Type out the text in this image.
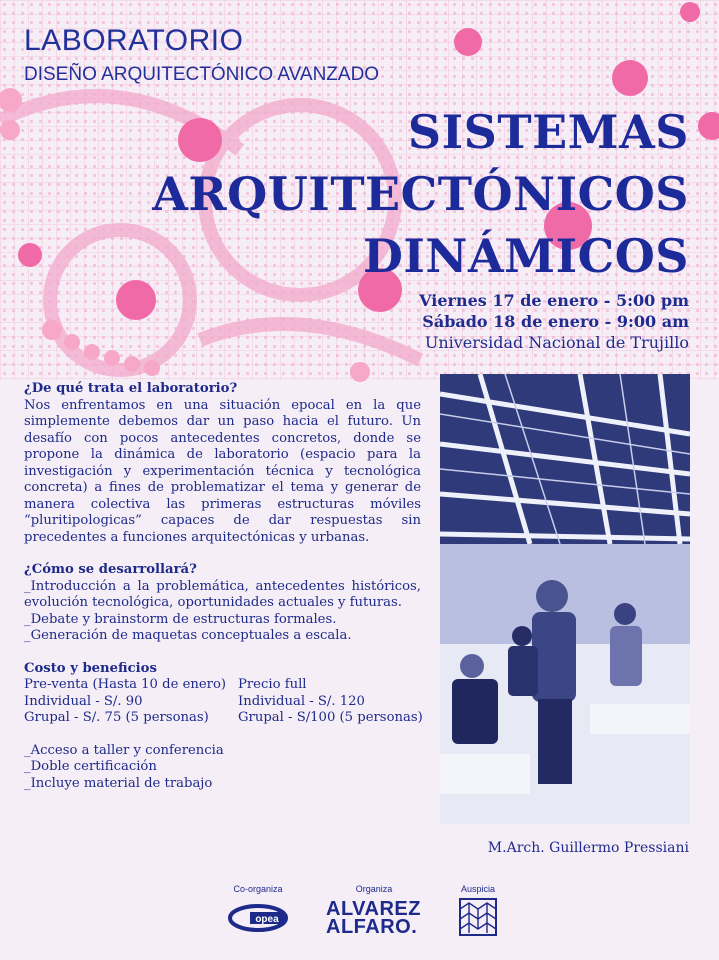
LABORATORIO
DISEÑO ARQUITECTÓNICO AVANZADO
SISTEMAS
ARQUITECTÓNICOS
DINÁMICOS
Viernes 17 de enero - 5:00 pm
Sábado 18 de enero - 9:00 am
Universidad Nacional de Trujillo
¿De qué trata el laboratorio?

Nos enfrentamos en una situación epocal en la que simplemente debemos dar un paso hacia el futuro. Un desafío con pocos antecedentes concretos, donde se propone la dinámica de laboratorio (espacio para la investigación y experimentación técnica y tecnológica concreta) a fines de problematizar el tema y generar de manera colectiva las primeras estructuras móviles “pluritipologicas” capaces de dar respuestas sin precedentes a funciones arquitectónicas y urbanas.

¿Cómo se desarrollará?

_Introducción a la problemática, antecedentes históricos, evolución tecnológica, oportunidades actuales y futuras.

_Debate y brainstorm de estructuras formales.

_Generación de maquetas conceptuales a escala.

Costo y beneficios
Pre-venta (Hasta 10 de enero)
Individual - S/. 90
Grupal - S/. 75 (5 personas)
Precio full
Individual - S/. 120
Grupal - S/100 (5 personas)
_Acceso a taller y conferencia
_Doble certificación
_Incluye material de trabajo
M.Arch. Guillermo Pressiani
Co-organiza
opea
Organiza
ALVAREZ
ALFARO.
Auspicia
